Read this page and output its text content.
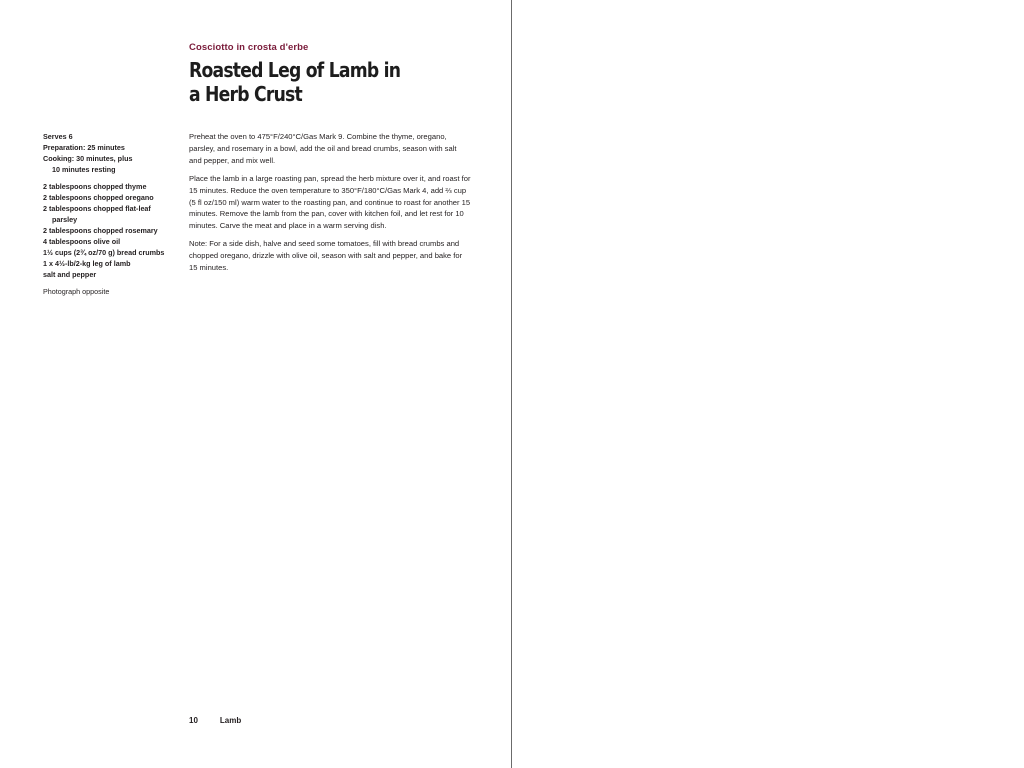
Cosciotto in crosta d'erbe
Roasted Leg of Lamb in a Herb Crust
Serves 6
Preparation: 25 minutes
Cooking: 30 minutes, plus
10 minutes resting
2 tablespoons chopped thyme
2 tablespoons chopped oregano
2 tablespoons chopped flat-leaf
parsley
2 tablespoons chopped rosemary
4 tablespoons olive oil
1½ cups (2¾ oz/70 g) bread crumbs
1 x 4½-lb/2-kg leg of lamb
salt and pepper
Photograph opposite

Preheat the oven to 475°F/240°C/Gas Mark 9. Combine the thyme, oregano, parsley, and rosemary in a bowl, add the oil and bread crumbs, season with salt and pepper, and mix well.

Place the lamb in a large roasting pan, spread the herb mixture over it, and roast for 15 minutes. Reduce the oven temperature to 350°F/180°C/Gas Mark 4, add ⅔ cup (5 fl oz/150 ml) warm water to the roasting pan, and continue to roast for another 15 minutes. Remove the lamb from the pan, cover with kitchen foil, and let rest for 10 minutes. Carve the meat and place in a warm serving dish.

Note: For a side dish, halve and seed some tomatoes, fill with bread crumbs and chopped oregano, drizzle with olive oil, season with salt and pepper, and bake for 15 minutes.

10	Lamb
